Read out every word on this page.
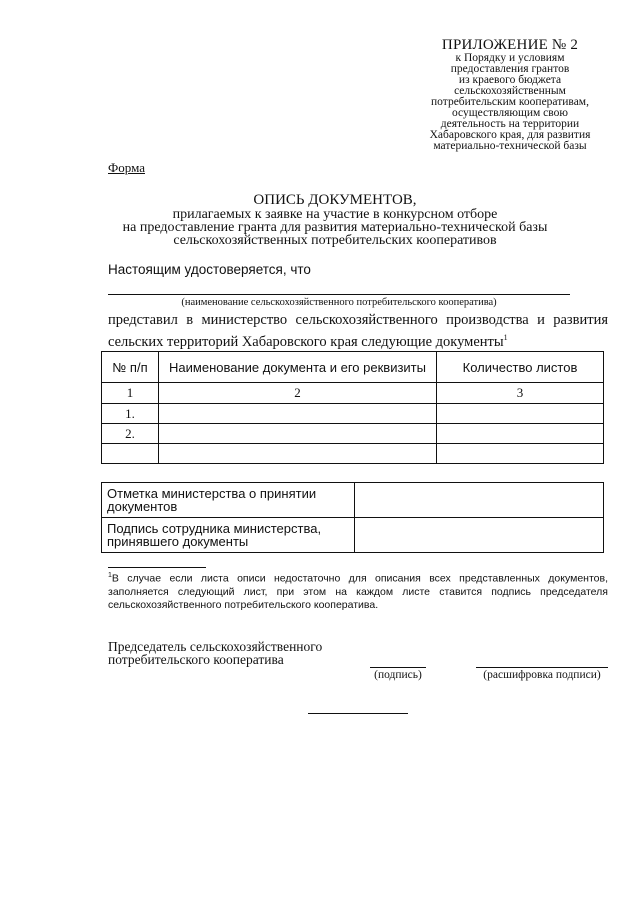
ПРИЛОЖЕНИЕ № 2
к Порядку и условиям
предоставления грантов
из краевого бюджета
сельскохозяйственным
потребительским кооперативам,
осуществляющим свою
деятельность на территории
Хабаровского края, для развития
материально-технической базы
Форма
ОПИСЬ ДОКУМЕНТОВ,
прилагаемых к заявке на участие в конкурсном отборе
на предоставление гранта для развития материально-технической базы
сельскохозяйственных потребительских кооперативов
Настоящим удостоверяется, что
(наименование сельскохозяйственного потребительского кооператива)
представил в министерство сельскохозяйственного производства и развития сельских территорий Хабаровского края следующие документы$^1$
№ п/п	Наименование документа и его реквизиты	Количество листов
1	2	3
1.		
2.		

Отметка министерства о принятии документов	
Подпись сотрудника министерства, принявшего документы	
$^1$В случае если листа описи недостаточно для описания всех представленных документов, заполняется следующий лист, при этом на каждом листе ставится подпись председателя сельскохозяйственного потребительского кооператива.
Председатель сельскохозяйственного
потребительского кооператива
(подпись)	(расшифровка подписи)
